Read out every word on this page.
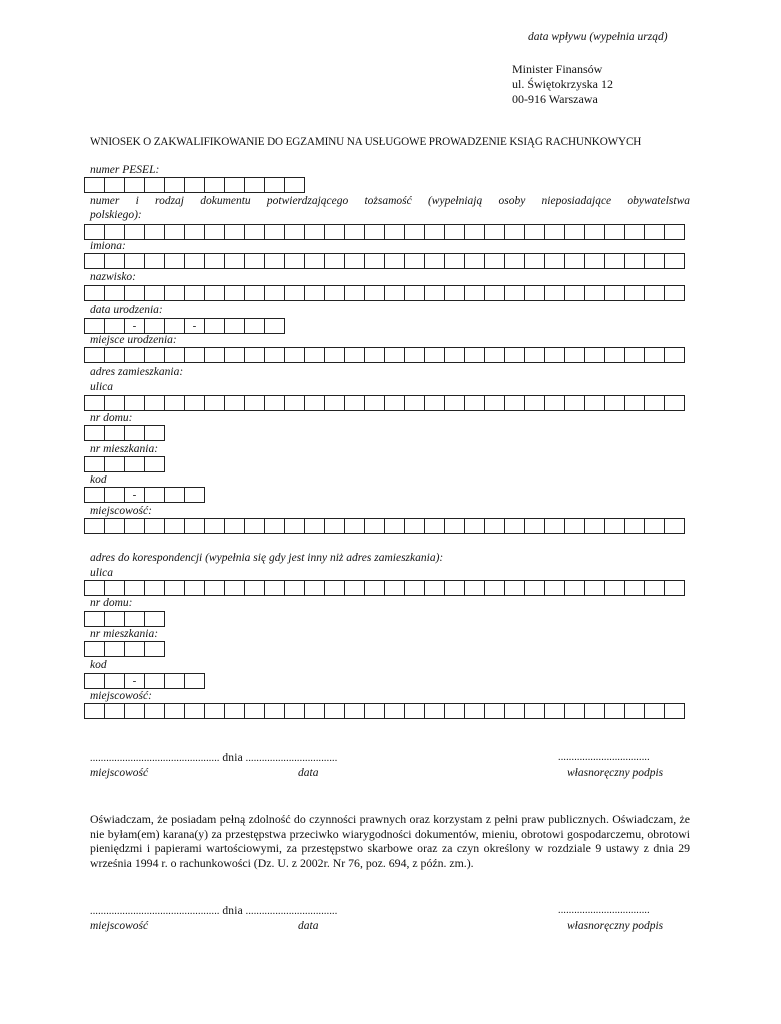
data wpływu (wypełnia urząd)
Minister Finansów
ul. Świętokrzyska 12
00-916 Warszawa
WNIOSEK O ZAKWALIFIKOWANIE DO EGZAMINU NA USŁUGOWE PROWADZENIE KSIĄG RACHUNKOWYCH
numer PESEL:
numer i rodzaj dokumentu potwierdzającego tożsamość (wypełniają osoby nieposiadające obywatelstwa
polskiego):
imiona:
nazwisko:
data urodzenia:
-	-
miejsce urodzenia:
adres zamieszkania:
ulica
nr domu:
nr mieszkania:
kod
-
miejscowość:
adres do korespondencji (wypełnia się gdy jest inny niż adres zamieszkania):
ulica
nr domu:
nr mieszkania:
kod
-
miejscowość:
................................................ dnia ..................................	..................................
miejscowość	data	własnoręczny podpis
Oświadczam, że posiadam pełną zdolność do czynności prawnych oraz korzystam z pełni praw publicznych. Oświadczam, że nie byłam(em) karana(y) za przestępstwa przeciwko wiarygodności dokumentów, mieniu, obrotowi gospodarczemu, obrotowi pieniędzmi i papierami wartościowymi, za przestępstwo skarbowe oraz za czyn określony w rozdziale 9 ustawy z dnia 29 września 1994 r. o rachunkowości (Dz. U. z 2002r. Nr 76, poz. 694, z późn. zm.).
................................................ dnia ..................................	..................................
miejscowość	data	własnoręczny podpis
